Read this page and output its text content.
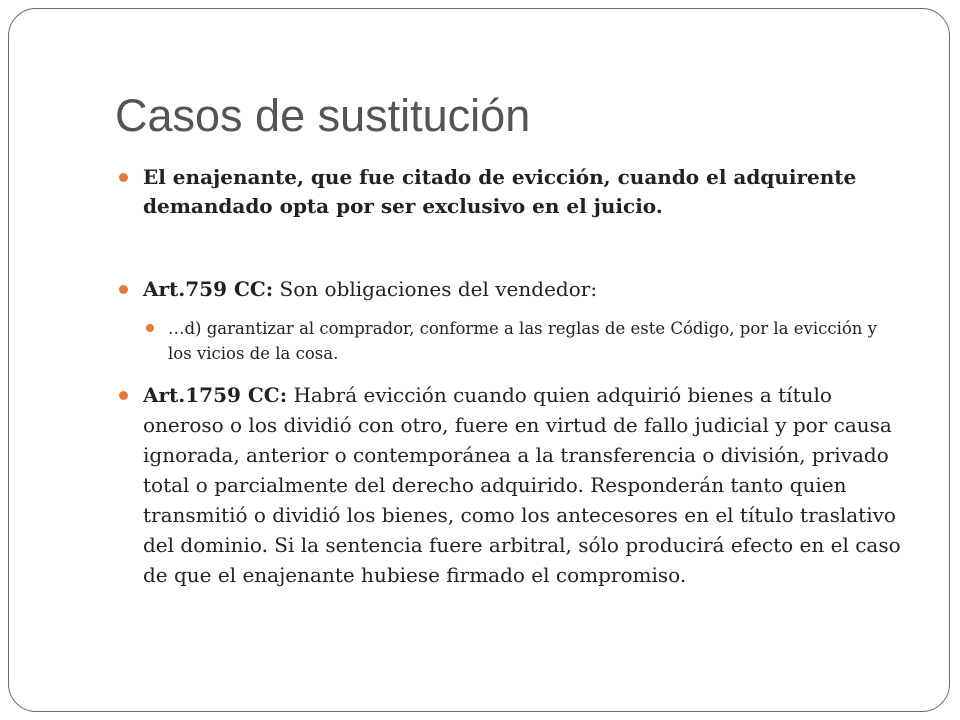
Casos de sustitución
El enajenante, que fue citado de evicción, cuando el adquirente demandado opta por ser exclusivo en el juicio.
Art.759 CC: Son obligaciones del vendedor:
…d) garantizar al comprador, conforme a las reglas de este Código, por la evicción y los vicios de la cosa.
Art.1759 CC: Habrá evicción cuando quien adquirió bienes a título oneroso o los dividió con otro, fuere en virtud de fallo judicial y por causa ignorada, anterior o contemporánea a la transferencia o división, privado total o parcialmente del derecho adquirido. Responderán tanto quien transmitió o dividió los bienes, como los antecesores en el título traslativo del dominio. Si la sentencia fuere arbitral, sólo producirá efecto en el caso de que el enajenante hubiese firmado el compromiso.
